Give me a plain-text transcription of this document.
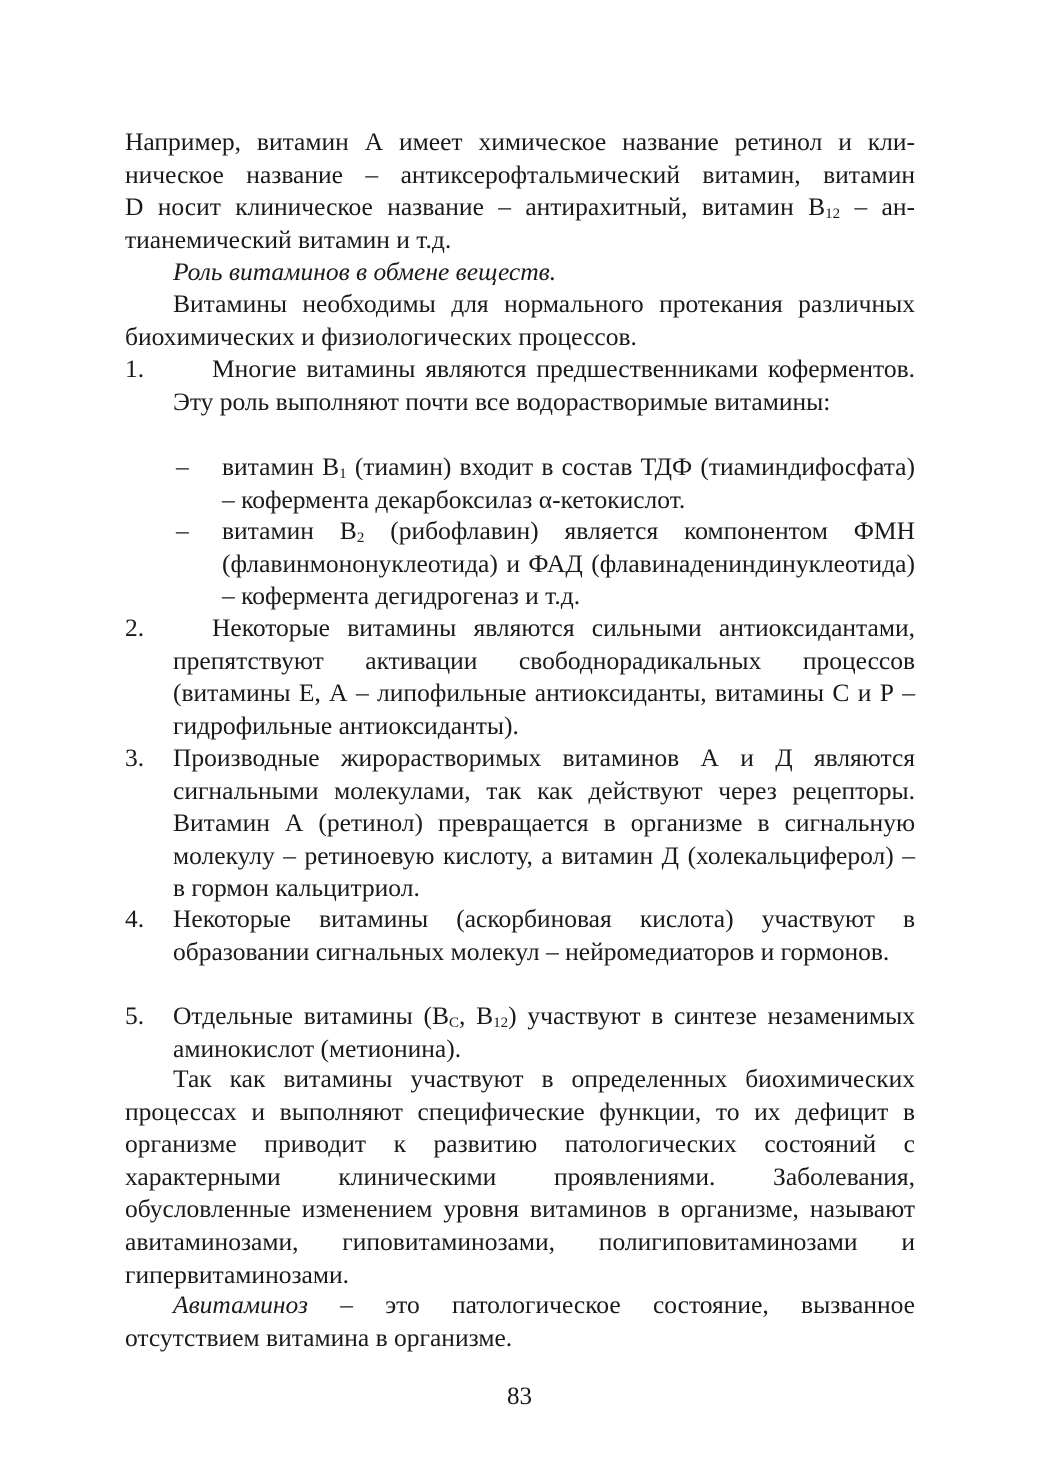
Например, витамин А имеет химическое название ретинол и кли-
ническое название – антиксерофтальмический витамин, витамин
D носит клиническое название – антирахитный, витамин $B_{12} - ан-$
тианемический витамин и т.д.

Роль витаминов в обмене веществ.

Витамины необходимы для нормального протекания различных биохимических и физиологических процессов.

1.	Многие витамины являются предшественниками коферментов. Эту роль выполняют почти все водорастворимые витамины:

– витамин $B_1$ (тиамин) входит в состав ТДФ (тиаминдифосфата) – кофермента декарбоксилаз α-кетокислот.

– витамин $B_2$ (рибофлавин) является компонентом ФМН (флавинмононуклеотида) и ФАД (флавинадениндинуклеотида) – кофермента дегидрогеназ и т.д.

2.	Некоторые витамины являются сильными антиоксидантами, препятствуют активации свободнорадикальных процессов (витамины Е, А – липофильные антиоксиданты, витамины С и Р – гидрофильные антиоксиданты).

3. Производные жирорастворимых витаминов А и Д являются сигнальными молекулами, так как действуют через рецепторы. Витамин А (ретинол) превращается в организме в сигнальную молекулу – ретиноевую кислоту, а витамин Д (холекальциферол) – в гормон кальцитриол.

4. Некоторые витамины (аскорбиновая кислота) участвуют в образовании сигнальных молекул – нейромедиаторов и гормонов.

5. Отдельные витамины ($B_C$, $B_{12}$) участвуют в синтезе незаменимых аминокислот (метионина).

Так как витамины участвуют в определенных биохимических процессах и выполняют специфические функции, то их дефицит в организме приводит к развитию патологических состояний с характерными клиническими проявлениями. Заболевания, обусловленные изменением уровня витаминов в организме, называют авитаминозами, гиповитаминозами, полигиповитаминозами и гипервитаминозами.

Авитаминоз – это патологическое состояние, вызванное отсутствием витамина в организме.

83
